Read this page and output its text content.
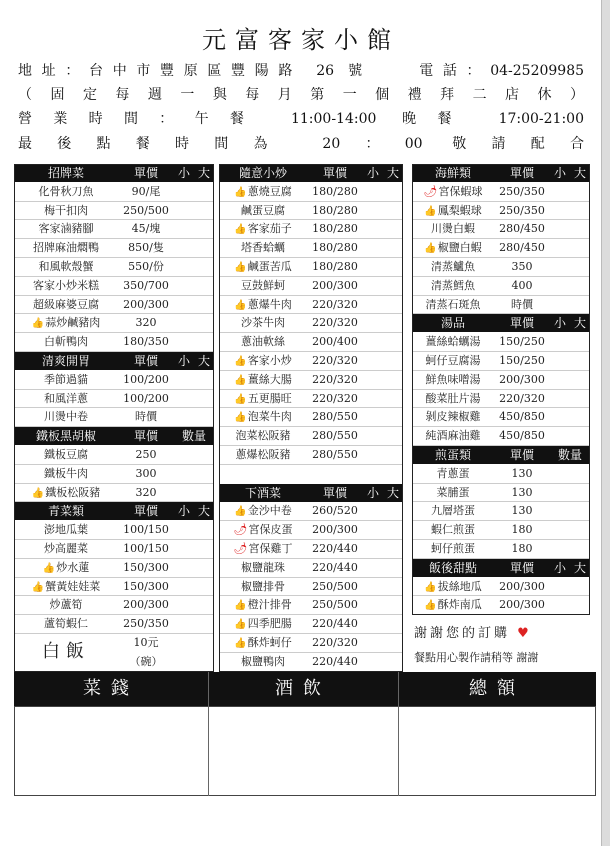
元富客家小館
地址：台中市豐原區豐陽路 26 號　　	電話：04-25209985
（固定每週一與每月第一個禮拜二店休）
營業時間：午餐 11:00-14:00 晚餐 17:00-21:00
最後點餐時間為 20：00 敬請配合
招牌菜	單價	小 大
化骨秋刀魚	90/尾
梅干扣肉	250/500
客家滷豬腳	45/塊
招牌麻油燜鴨	850/隻
和風軟殼蟹	550/份
客家小炒米糕	350/700
超級麻婆豆腐	200/300
👍蒜炒鹹豬肉	320
白斬鴨肉	180/350
清爽開胃	單價	小 大
季節過貓	100/200
和風洋蔥	100/200
川燙中卷	時價
鐵板黑胡椒	單價	數量
鐵板豆腐	250
鐵板牛肉	300
👍鐵板松阪豬	320
青菜類	單價	小 大
澎地瓜葉	100/150
炒高麗菜	100/150
👍炒水蓮	150/300
👍蟹黃娃娃菜	150/300
炒蘆筍	200/300
蘆筍蝦仁	250/350
白飯	10元
（碗）
隨意小炒	單價	小 大
👍蔥燒豆腐	180/280
鹹蛋豆腐	180/280
👍客家茄子	180/280
塔香蛤蠣	180/280
👍鹹蛋苦瓜	180/280
豆鼓鮮蚵	200/300
👍蔥爆牛肉	220/320
沙茶牛肉	220/320
蔥油軟絲	200/400
👍客家小炒	220/320
👍薑絲大腸	220/320
👍五更腸旺	220/320
👍泡菜牛肉	280/550
泡菜松阪豬	280/550
蔥爆松阪豬	280/550
下酒菜	單價	小 大
👍金沙中卷	260/520
🌶宮保皮蛋	200/300
🌶宮保雞丁	220/440
椒鹽龍珠	220/440
椒鹽排骨	250/500
👍橙汁排骨	250/500
👍四季肥腸	220/440
👍酥炸蚵仔	220/320
椒鹽鴨肉	220/440
海鮮類	單價	小 大
🌶宮保蝦球	250/350
👍鳳梨蝦球	250/350
川燙白蝦	280/450
👍椒鹽白蝦	280/450
清蒸鱸魚	350
清蒸鱈魚	400
清蒸石斑魚	時價
湯品	單價	小 大
薑絲蛤蠣湯	150/250
蚵仔豆腐湯	150/250
鮮魚味噌湯	200/300
酸菜肚片湯	220/320
剝皮辣椒雞	450/850
純酒麻油雞	450/850
煎蛋類	單價	數量
青蔥蛋	130
菜脯蛋	130
九層塔蛋	130
蝦仁煎蛋	180
蚵仔煎蛋	180
飯後甜點	單價	小 大
👍拔絲地瓜	200/300
👍酥炸南瓜	200/300
謝謝您的訂購 ♥
餐點用心製作請稍等 謝謝
菜錢	酒飲	總額
